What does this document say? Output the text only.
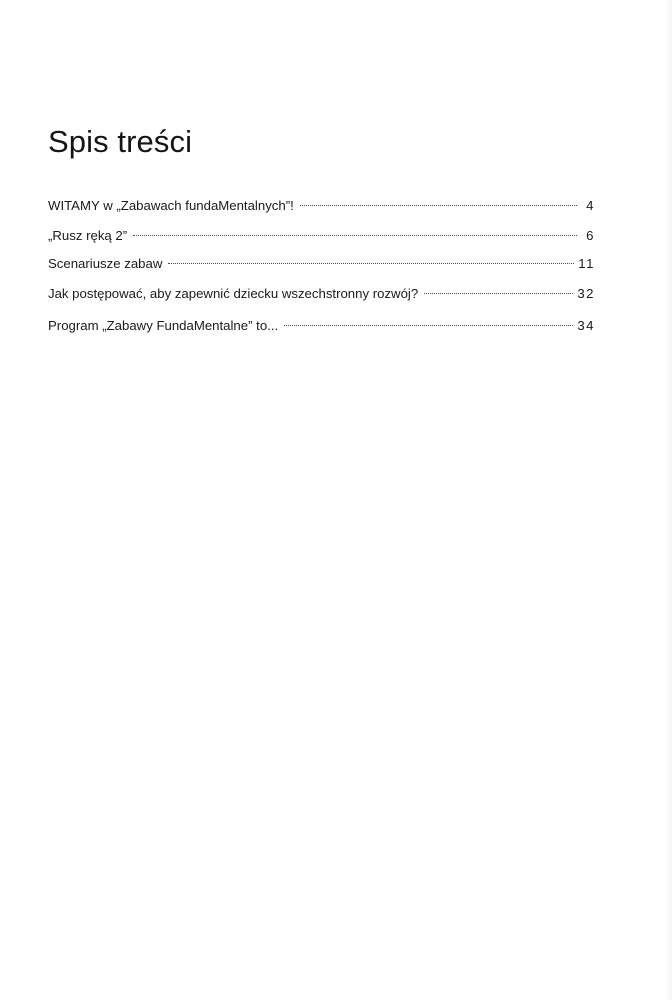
Spis treści
WITAMY w „Zabawach fundaMentalnych”!	4
„Rusz ręką 2”	6
Scenariusze zabaw	11
Jak postępować, aby zapewnić dziecku wszechstronny rozwój?	32
Program „Zabawy FundaMentalne” to...	34
